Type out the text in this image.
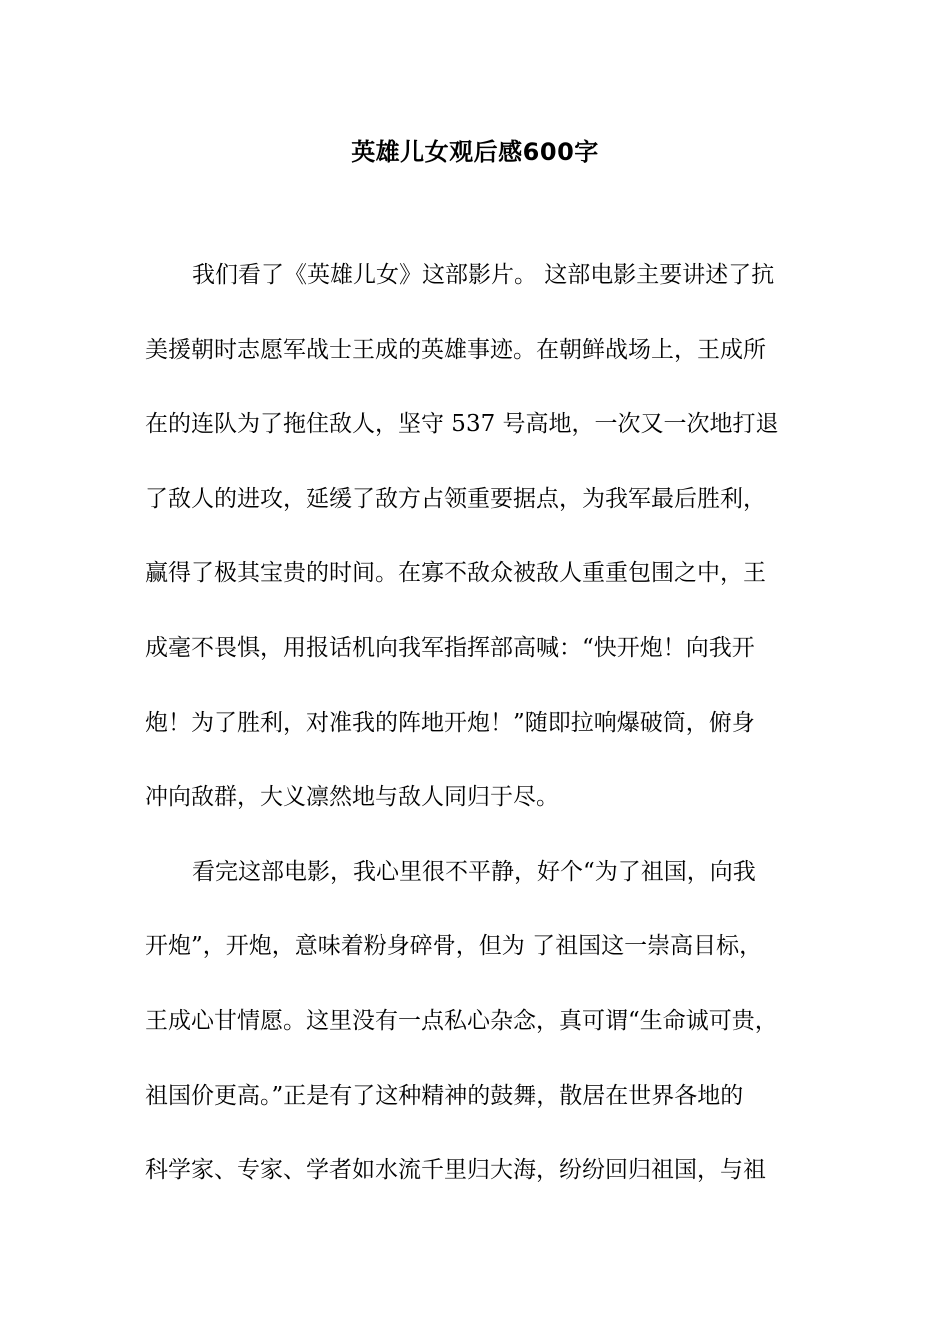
英雄儿女观后感600字
我们看了《英雄儿女》这部影片。 这部电影主要讲述了抗
美援朝时志愿军战士王成的英雄事迹。在朝鲜战场上，王成所
在的连队为了拖住敌人，坚守 537 号高地，一次又一次地打退
了敌人的进攻，延缓了敌方占领重要据点，为我军最后胜利，
赢得了极其宝贵的时间。在寡不敌众被敌人重重包围之中，王
成毫不畏惧，用报话机向我军指挥部高喊：“快开炮！向我开
炮！为了胜利，对准我的阵地开炮！”随即拉响爆破筒，俯身
冲向敌群，大义凛然地与敌人同归于尽。
看完这部电影，我心里很不平静，好个“为了祖国，向我
开炮”，开炮，意味着粉身碎骨，但为 了祖国这一崇高目标，
王成心甘情愿。这里没有一点私心杂念，真可谓“生命诚可贵，
祖国价更高。”正是有了这种精神的鼓舞，散居在世界各地的
科学家、专家、学者如水流千里归大海，纷纷回归祖国，与祖
